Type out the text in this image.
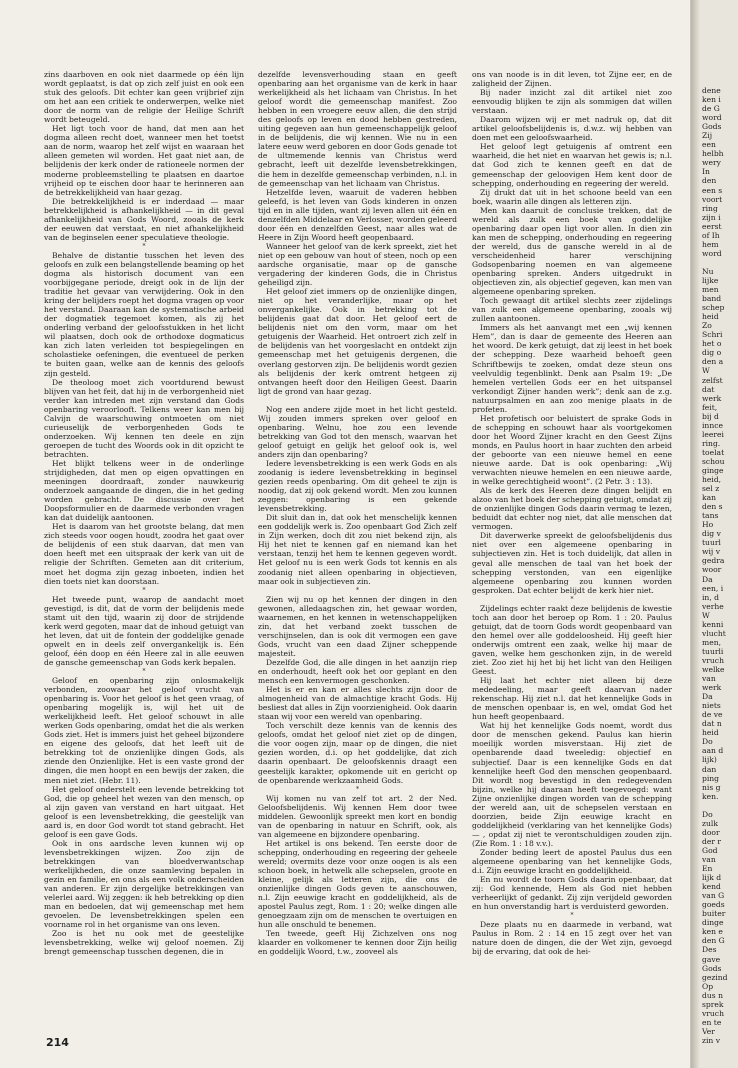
zins daarboven en ook niet daarmede op één lijn wordt geplaatst, is dat op zich zelf juist en ook een stuk des geloofs. Dit echter kan geen vrijbrief zijn om het aan een critiek te onderwerpen, welke niet door de norm van de religie der Heilige Schrift wordt beteugeld.

Het ligt toch voor de hand, dat men aan het dogma alleen recht doet, wanneer men het toetst aan de norm, waarop het zelf wijst en waaraan het alleen gemeten wil worden. Het gaat niet aan, de belijdenis der kerk onder de rationeele normen der moderne probleemstelling te plaatsen en daartoe vrijheid op te eischen door haar te herinneren aan de betrekkelijkheid van haar gezag.

Die betrekkelijkheid is er inderdaad — maar betrekkelijkheid is afhankelijkheid — in dit geval afhankelijkheid van Gods Woord, zooals de kerk der eeuwen dat verstaat, en niet afhankelijkheid van de beginselen eener speculatieve theologie.

*

Behalve de distantie tusschen het leven des geloofs en zulk een belangstellende beaming op het dogma als historisch document van een voorbijgegane periode, dreigt ook in de lijn der traditie het gevaar van verwijdering. Ook in den kring der belijders roept het dogma vragen op voor het verstand. Daaraan kan de systematische arbeid der dogmatiek tegemoet komen, als zij het onderling verband der geloofsstukken in het licht wil plaatsen, doch ook de orthodoxe dogmaticus kan zich laten verleiden tot bespiegelingen en scholastieke oefeningen, die eventueel de perken te buiten gaan, welke aan de kennis des geloofs zijn gesteld.

De theoloog moet zich voortdurend bewust blijven van het feit, dat hij in de verborgenheid niet verder kan intreden met zijn verstand dan Gods openbaring veroorlooft. Telkens weer kan men bij Calvijn de waarschuwing ontmoeten om niet curieuselijk de verborgenheden Gods te onderzoeken. Wij kennen ten deele en zijn geroepen de tucht des Woords ook in dit opzicht te betrachten.

Het blijkt telkens weer in de onderlinge strijdigheden, dat men op eigen opvattingen en meeningen doordraaft, zonder nauwkeurig onderzoek aangaande de dingen, die in het geding worden gebracht. De discussie over het Doopsformulier en de daarmede verbonden vragen kan dat duidelijk aantoonen.

Het is daarom van het grootste belang, dat men zich steeds voor oogen houdt, zoodra het gaat over de belijdenis of een stuk daarvan, dat men van doen heeft met een uitspraak der kerk van uit de religie der Schriften. Gemeten aan dit criterium, moet het dogma zijn gezag inboeten, indien het dien toets niet kan doorstaan.

*

Het tweede punt, waarop de aandacht moet gevestigd, is dit, dat de vorm der belijdenis mede stamt uit den tijd, waarin zij door de strijdende kerk werd gegoten, maar dat de inhoud getuigt van het leven, dat uit de fontein der goddelijke genade opwelt en in deels zelf onvergankelijk is. Eén geloof, één doop en één Heere zal in alle eeuwen de gansche gemeenschap van Gods kerk bepalen.

*

Geloof en openbaring zijn onlosmakelijk verbonden, zoowaar het geloof vrucht van openbaring is. Voor het geloof is het geen vraag, of openbaring mogelijk is, wijl het uit de werkelijkheid leeft. Het geloof schouwt in alle werken Gods openbaring, omdat het die als werken Gods ziet. Het is immers juist het geheel bijzondere en eigene des geloofs, dat het leeft uit de betrekking tot de onzienlijke dingen Gods, als ziende den Onzienlijke. Het is een vaste grond der dingen, die men hoopt en een bewijs der zaken, die men niet ziet. (Hebr. 11).

Het geloof onderstelt een levende betrekking tot God, die op geheel het wezen van den mensch, op al zijn gaven van verstand en hart uitgaat. Het geloof is een levensbetrekking, die geestelijk van aard is, en door God wordt tot stand gebracht. Het geloof is een gave Gods.

Ook in ons aardsche leven kunnen wij op levensbetrekkingen wijzen. Zoo zijn de betrekkingen van bloedverwantschap werkelijkheden, die onze saamleving bepalen in gezin en familie, en ons als een volk onderscheiden van anderen. Er zijn dergelijke betrekkingen van velerlei aard. Wij zeggen: ik heb betrekking op dien man en bedoelen, dat wij gemeenschap met hem gevoelen. De levensbetrekkingen spelen een voorname rol in het organisme van ons leven.

Zoo is het nu ook met de geestelijke levensbetrekking, welke wij geloof noemen. Zij brengt gemeenschap tusschen degenen, die in

dezelfde levensverhouding staan en geeft openbaring aan het organisme van de kerk in haar werkelijkheid als het lichaam van Christus. In het geloof wordt die gemeenschap manifest. Zoo hebben in een vroegere eeuw allen, die den strijd des geloofs op leven en dood hebben gestreden, uiting gegeven aan hun gemeenschappelijk geloof in de belijdenis, die wij kennen. Wie nu in een latere eeuw werd geboren en door Gods genade tot de ultmemende kennis van Christus werd gebracht, leeft uit dezelfde levensbetrekkingen, die hem in dezelfde gemeenschap verbinden, n.l. in de gemeenschap van het lichaam van Christus.

Hetzelfde leven, waaruit de vaderen hebben geleefd, is het leven van Gods kinderen in onzen tijd en in alle tijden, want zij leven allen uit één en denzelfden Middelaar en Verlosser, worden geleerd door één en denzelfden Geest, naar alles wat de Heere in Zijn Woord heeft geopenbaard.

Wanneer het geloof van de kerk spreekt, ziet het niet op een gebouw van hout of steen, noch op een aardsche organisatie, maar op de gansche vergadering der kinderen Gods, die in Christus geheiligd zijn.

Het geloof ziet immers op de onzienlijke dingen, niet op het veranderlijke, maar op het onvergankelijke. Ook in betrekking tot de belijdenis gaat dat door. Het geloof eert de belijdenis niet om den vorm, maar om het getuigenis der Waarheid. Het ontroert zich zelf in de belijdenis van het voorgeslacht en ontdekt zijn gemeenschap met het getuigenis dergenen, die overlang gestorven zijn. De belijdenis wordt gezien als belijdenis der kerk omtrent hetgeen zij ontvangen heeft door den Heiligen Geest. Daarin ligt de grond van haar gezag.

*

Nog een andere zijde moet in het licht gesteld. Wij zouden immers spreken over geloof en openbaring. Welnu, hoe zou een levende betrekking van God tot den mensch, waarvan het geloof getuigt en gelijk het geloof ook is, wel anders zijn dan openbaring?

Iedere levensbetrekking is een werk Gods en als zoodanig is iedere levensbetrekking in beginsel gezien reeds openbaring. Om dit geheel te zijn is noodig, dat zij ook gekend wordt. Men zou kunnen zeggen: openbaring is een gekende levensbetrekking.

Dit sluit dan in, dat ook het menschelijk kennen een goddelijk werk is. Zoo openbaart God Zich zelf in Zijn werken, doch dit zou niet bekend zijn, als Hij het niet te kennen gaf en niemand kan het verstaan, tenzij het hem te kennen gegeven wordt. Het geloof nu is een werk Gods tot kennis en als zoodanig niet alleen openbaring in objectieven, maar ook in subjectieven zin.

*

Zien wij nu op het kennen der dingen in den gewonen, alledaagschen zin, het gewaar worden, waarnemen, en het kennen in wetenschappelijken zin, dat het verband zoekt tusschen de verschijnselen, dan is ook dit vermogen een gave Gods, vrucht van een daad Zijner scheppende majesteit.

Dezelfde God, die alle dingen in het aanzijn riep en onderhoudt, heeft ook het oor geplant en den mensch een kenvermogen geschonken.

Het is er en kan er alles slechts zijn door de almogenheid van de almachtige kracht Gods. Hij besliest dat alles in Zijn voorzienigheid. Ook daarin staan wij voor een wereld van openbaring.

Toch verschilt deze kennis van de kennis des geloofs, omdat het geloof niet ziet op de dingen, die voor oogen zijn, maar op de dingen, die niet gezien worden, d.i. op het goddelijke, dat zich daarin openbaart. De geloofskennis draagt een geestelijk karakter, opkomende uit en gericht op de openbarende werkzaamheid Gods.

*

Wij komen nu van zelf tot art. 2 der Ned. Geloofsbelijdenis. Wij kennen Hem door twee middelen. Gewoonlijk spreekt men kort en bondig van de openbaring in natuur en Schrift, ook, als van algemeene en bijzondere openbaring.

Het artikel is ons bekend. Ten eerste door de schepping, onderhouding en regeering der geheele wereld; overmits deze voor onze oogen is als een schoon boek, in hetwelk alle schepselen, groote en kleine, gelijk als letteren zijn, die ons de onzienlijke dingen Gods geven te aanschouwen, n.l. Zijn eeuwige kracht en goddelijkheid, als de apostel Paulus zegt, Rom. 1 : 20; welke dingen alle genoegzaam zijn om de menschen te overtuigen en hun alle onschuld te benemen.

Ten tweede, geeft Hij Zichzelven ons nog klaarder en volkomener te kennen door Zijn heilig en goddelijk Woord, t.w., zooveel als

ons van noode is in dit leven, tot Zijne eer, en de zaligheid der Zijnen.

Bij nader inzicht zal dit artikel niet zoo eenvoudig blijken te zijn als sommigen dat willen verstaan.

Daarom wijzen wij er met nadruk op, dat dit artikel geloofsbelijdenis is, d.w.z. wij hebben van doen met een geloofswaarheid.

Het geloof legt getuigenis af omtrent een waarheid, die het niet en waarvan het gewis is; n.l. dat God zich te kennen geeft en dat de gemeenschap der geloovigen Hem kent door de schepping, onderhouding en regeering der wereld.

Zij drukt dat uit in het schoone beeld van een boek, waarin alle dingen als letteren zijn.

Men kan daaruit de conclusie trekken, dat de wereld als zulk een boek van goddelijke openbaring daar open ligt voor allen. In dien zin kan men de schepping, onderhouding en regeering der wereld, dus de gansche wereld in al de verscheidenheid harer verschijning Godsopenbaring noemen en van algemeene openbaring spreken. Anders uitgedrukt in objectieven zin, als objectief gegeven, kan men van algemeene openbaring spreken.

Toch gewaagt dit artikel slechts zeer zijdelings van zulk een algemeene openbaring, zooals wij zullen aantoonen.

Immers als het aanvangt met een „wij kennen Hem”, dan is daar de gemeente des Heeren aan het woord. De kerk getuigt, dat zij leest in het boek der schepping. Deze waarheid behoeft geen Schriftbewijs te zoeken, omdat deze steun ons veelvuldig tegenblinkt. Denk aan Psalm 19: „De hemelen vertellen Gods eer en het uitspansel verkondigt Zijner handen werk”; denk aan de z.g. natuurpsalmen en aan zoo menige plaats in de profeten.

Het profetisch oor beluistert de sprake Gods in de schepping en schouwt haar als voortgekomen door het Woord Zijner kracht en den Geest Zijns monds, en Paulus hoort in haar zuchten den arbeid der geboorte van een nieuwe hemel en eene nieuwe aarde. Dat is ook openbaring: „Wij verwachten nieuwe hemelen en een nieuwe aarde, in welke gerechtigheid woont”. (2 Petr. 3 : 13).

Als de kerk des Heeren deze dingen belijdt en alzoo van het boek der schepping getuigt, omdat zij de onzienlijke dingen Gods daarin vermag te lezen, beduidt dat echter nog niet, dat alle menschen dat vermogen.

Dit daverwerke spreekt de geloofsbelijdenis dus niet over een algemeene openbaring in subjectieven zin. Het is toch duidelijk, dat allen in geval alle menschen de taal van het boek der schepping verstonden, van een eigenlijke algemeene openbaring zou kunnen worden gesproken. Dat echter belijdt de kerk hier niet.

*

Zijdelings echter raakt deze belijdenis de kwestie toch aan door het beroep op Rom. 1 : 20. Paulus getuigt, dat de toorn Gods wordt geopenbaard van den hemel over alle goddeloosheid. Hij geeft hier onderwijs omtrent een zaak, welke hij maar de gaven, welke hem geschonken zijn, in de wereld ziet. Zoo ziet hij het bij het licht van den Heiligen Geest.

Hij laat het echter niet alleen bij deze mededeeling, maar geeft daarvan nader rekenschap. Hij ziet n.l. dat het kennelijke Gods in de menschen openbaar is, en wel, omdat God het hun heeft geopenbaard.

Wat hij het kennelijke Gods noemt, wordt dus door de menschen gekend. Paulus kan hierin moeilijk worden misverstaan. Hij ziet de openbarende daad tweeledig: objectief en subjectief. Daar is een kennelijke Gods en dat kennelijke heeft God den menschen geopenbaard. Dit wordt nog bevestigd in den redegevenden bijzin, welke hij daaraan heeft toegevoegd: want Zijne onzienlijke dingen worden van de schepping der wereld aan, uit de schepselen verstaan en doorzien, beide Zijn eeuwige kracht en goddelijkheid (verklaring van het kennelijke Gods) — , opdat zij niet te verontschuldigen zouden zijn. (Zie Rom. 1 : 18 v.v.).

Zonder beding leert de apostel Paulus dus een algemeene openbaring van het kennelijke Gods, d.i. Zijn eeuwige kracht en goddelijkheid.

En nu wordt de toorn Gods daarin openbaar, dat zij: God kennende, Hem als God niet hebben verheerlijkt of gedankt. Zij zijn verijdeld geworden en hun onverstandig hart is verduisterd geworden.

*

Deze plaats nu en daarmede in verband, wat Paulus in Rom. 2 : 14 en 15 zegt over het van nature doen de dingen, die der Wet zijn, gevoegd bij de ervaring, dat ook de hei-

214
dene
ken i
de G
word
Gods
Zij
een
helbh
wery
In
den
een s
voort
ring
zijn i
eerst
of Ih
hem
word
Nu
lijke
men
band
schep
heid
Zo
Schri
het o
dig o
den a
W
zelfst
dat
werk
feit,
bij d
innce
leerei
ring.
toelat
schou
ginge
heid,
sel z
kan
den s
tans
Ho
dig v
tuurl
wij v
gedra
woor
Da
een, i
in, d
verhe
W
kenni
vlucht
men,
tuurli
vruch
welke
van
werk
Da
niets
de ve
dat n
heid
Do
aan d
lijk)
dan
ping
nis g
ken.
Do
zulk
door
der r
God
van
En
lijk d
kend
van G
goeds
buiter
dinge
ken e
den G
Des
gave
Gods
gezind
Op
dus n
sprek
vruch
en te
Ver
zin v
